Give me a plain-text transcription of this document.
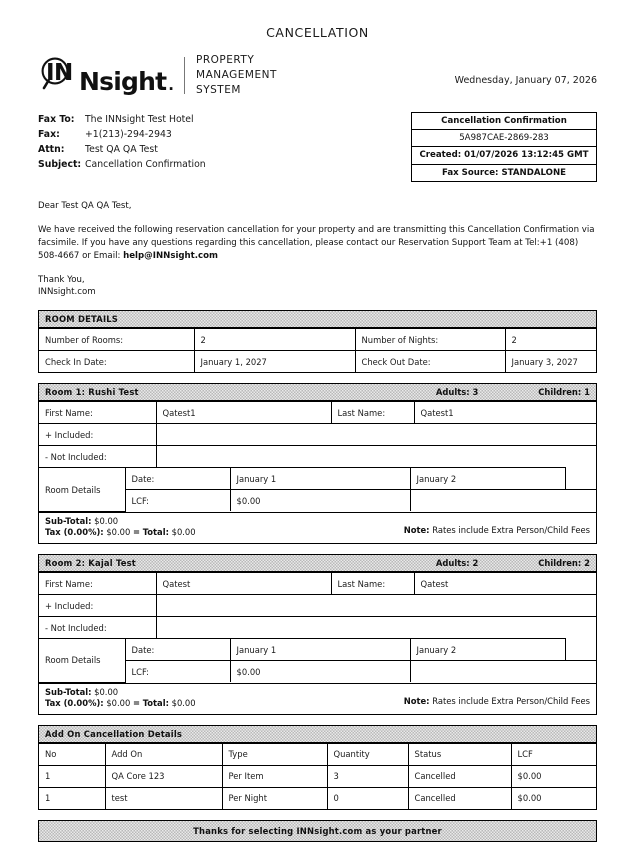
CANCELLATION
IN Nsight .
PROPERTY
MANAGEMENT
SYSTEM
Wednesday, January 07, 2026
Fax To:	The INNsight Test Hotel
Fax:	+1(213)-294-2943
Attn:	Test QA QA Test
Subject: Cancellation Confirmation
Cancellation Confirmation
5A987CAE-2869-283
Created: 01/07/2026 13:12:45 GMT
Fax Source: STANDALONE

Dear Test QA QA Test,

We have received the following reservation cancellation for your property and are transmitting this Cancellation Confirmation via facsimile. If you have any questions regarding this cancellation, please contact our Reservation Support Team at Tel:+1 (408) 508-4667 or Email: help@INNsight.com

Thank You,

INNsight.com

ROOM DETAILS
Number of Rooms:	2	Number of Nights:	2
Check In Date:	January 1, 2027	Check Out Date:	January 3, 2027
Room 1: Rushi Test	Adults: 3	Children: 1
First Name:	Qatest1	Last Name:	Qatest1
+ Included:			
- Not Included:			
Room Details	Date:	January 1	January 2	
	LCF:	$0.00		
Sub-Total: $0.00
Tax (0.00%): $0.00 = Total: $0.00	Note: Rates include Extra Person/Child Fees
Room 2: Kajal Test	Adults: 2	Children: 2
First Name:	Qatest	Last Name:	Qatest
+ Included:			
- Not Included:			
Room Details	Date:	January 1	January 2	
	LCF:	$0.00		
Sub-Total: $0.00
Tax (0.00%): $0.00 = Total: $0.00	Note: Rates include Extra Person/Child Fees
Add On Cancellation Details
No	Add On	Type	Quantity	Status	LCF
1	QA Core 123	Per Item	3	Cancelled	$0.00
1	test	Per Night	0	Cancelled	$0.00
Thanks for selecting INNsight.com as your partner
